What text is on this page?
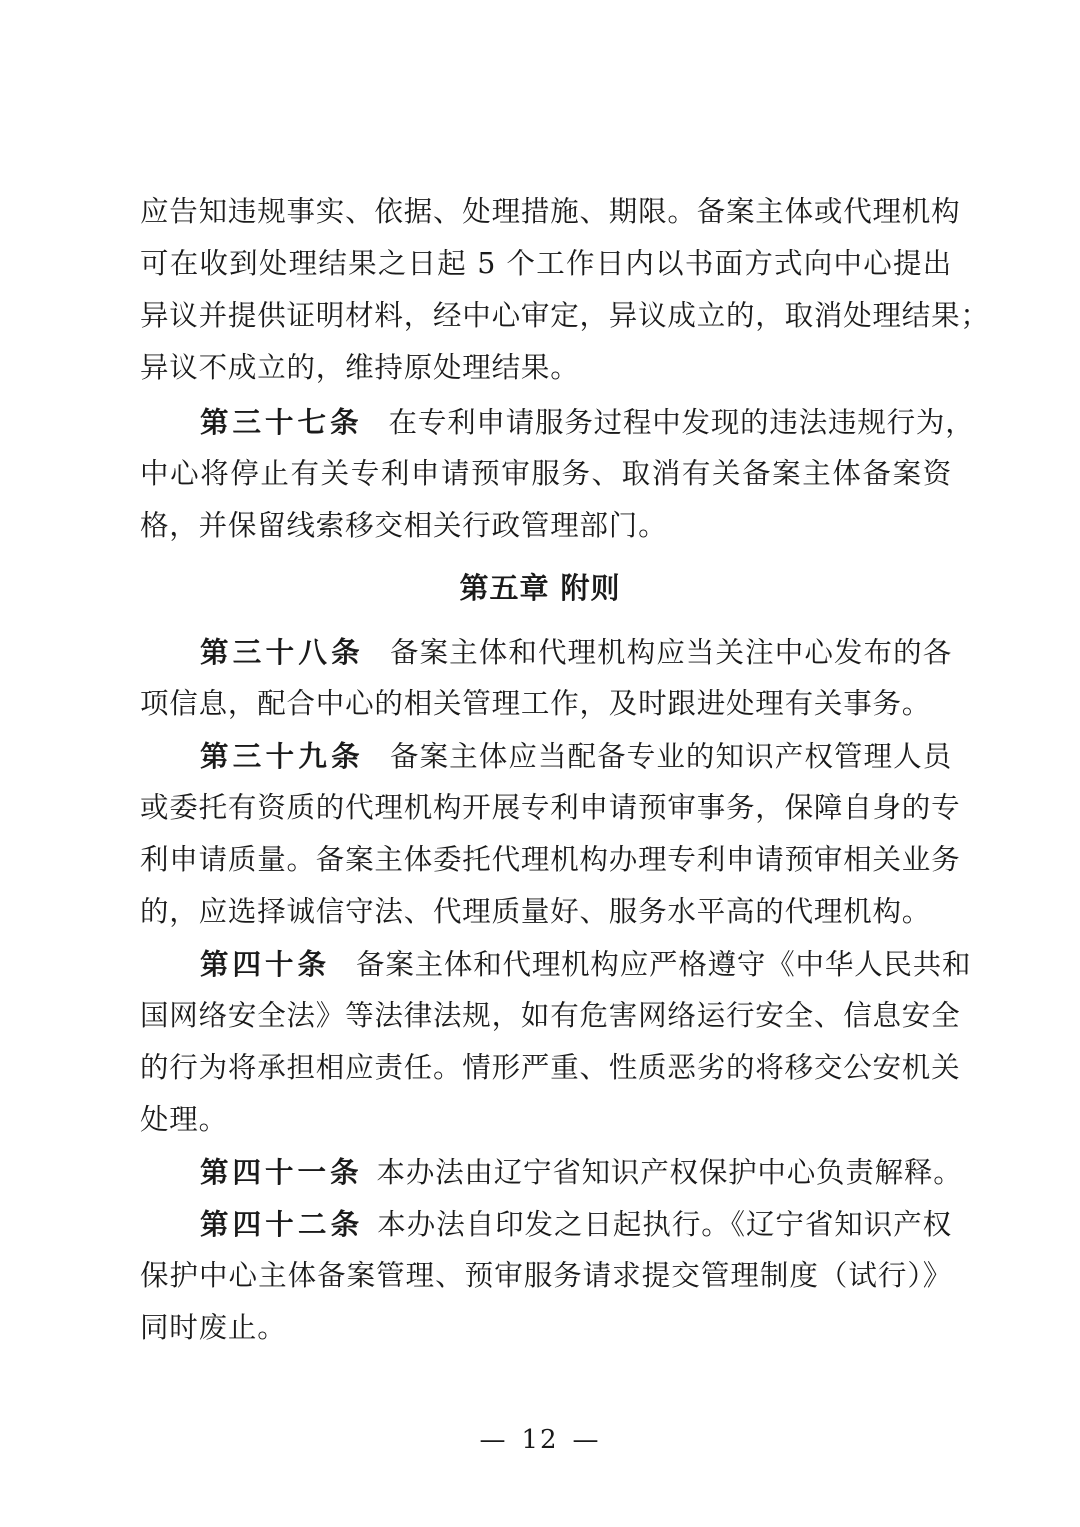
应告知违规事实、依据、处理措施、期限。备案主体或代理机构
可在收到处理结果之日起 5 个工作日内以书面方式向中心提出
异议并提供证明材料，经中心审定，异议成立的，取消处理结果；
异议不成立的，维持原处理结果。
第三十七条 在专利申请服务过程中发现的违法违规行为，
中心将停止有关专利申请预审服务、取消有关备案主体备案资
格，并保留线索移交相关行政管理部门。
第五章 附则
第三十八条 备案主体和代理机构应当关注中心发布的各
项信息，配合中心的相关管理工作，及时跟进处理有关事务。
第三十九条 备案主体应当配备专业的知识产权管理人员
或委托有资质的代理机构开展专利申请预审事务，保障自身的专
利申请质量。备案主体委托代理机构办理专利申请预审相关业务
的，应选择诚信守法、代理质量好、服务水平高的代理机构。
第四十条 备案主体和代理机构应严格遵守《中华人民共和
国网络安全法》等法律法规，如有危害网络运行安全、信息安全
的行为将承担相应责任。情形严重、性质恶劣的将移交公安机关
处理。
第四十一条 本办法由辽宁省知识产权保护中心负责解释。
第四十二条 本办法自印发之日起执行。《辽宁省知识产权
保护中心主体备案管理、预审服务请求提交管理制度（试行）》
同时废止。
— 12 —
